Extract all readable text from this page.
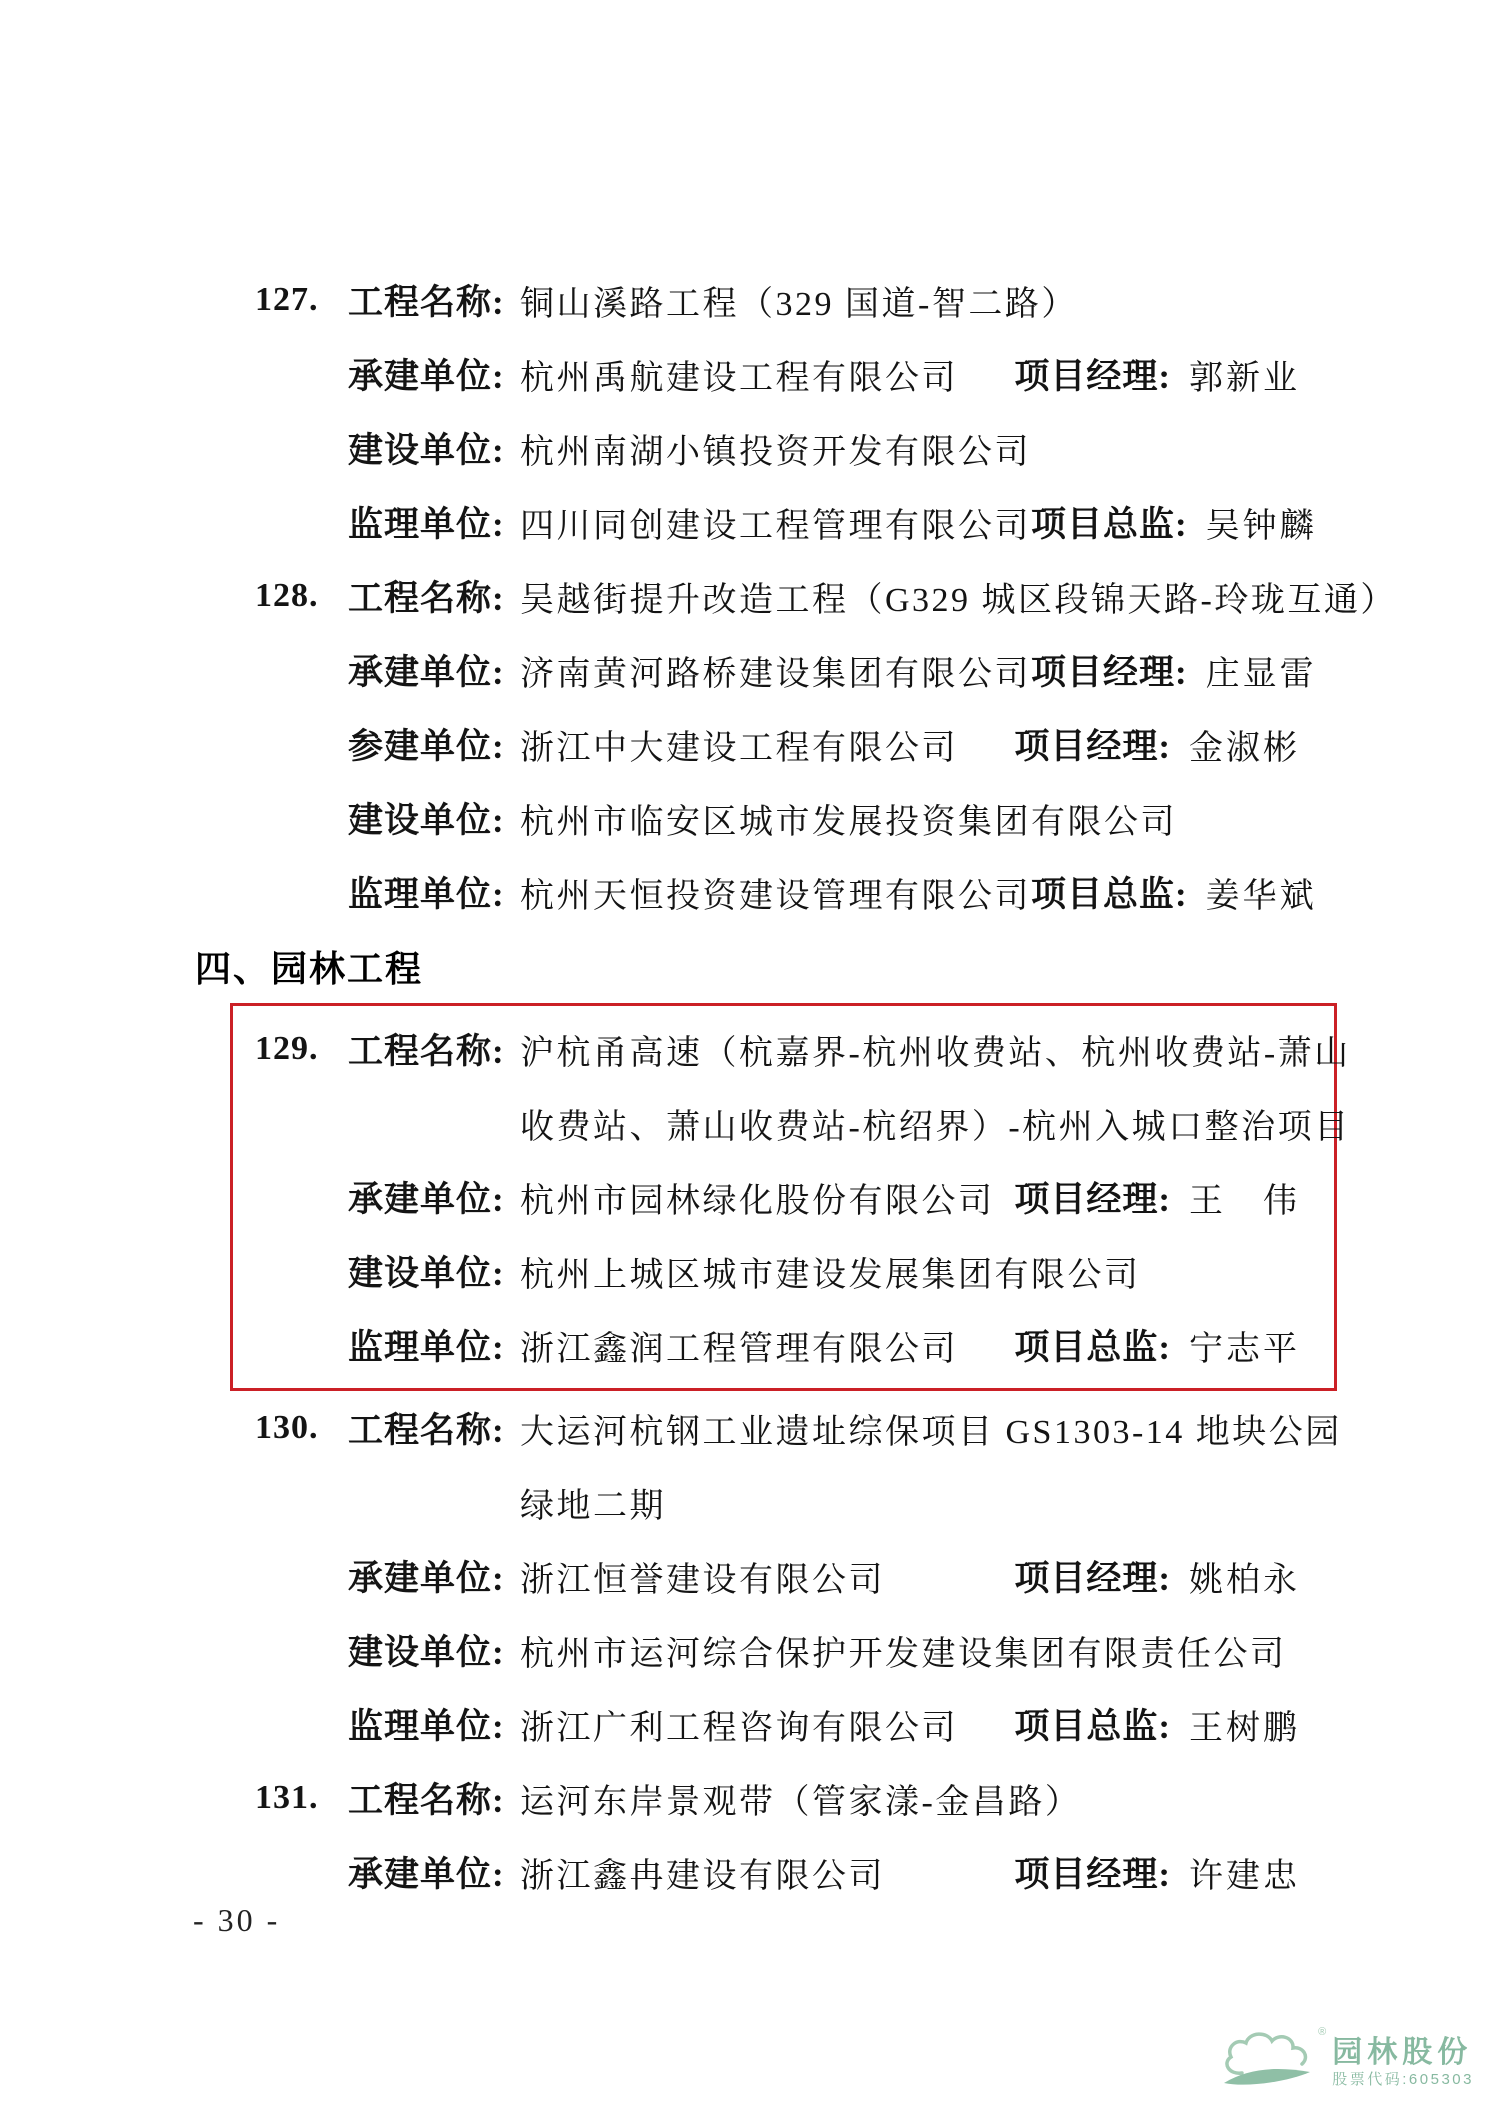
127. 工程名称: 铜山溪路工程（329 国道-智二路）
承建单位: 杭州禹航建设工程有限公司 项目经理: 郭新业
建设单位: 杭州南湖小镇投资开发有限公司
监理单位: 四川同创建设工程管理有限公司 项目总监: 吴钟麟
128. 工程名称: 吴越街提升改造工程（G329 城区段锦天路-玲珑互通）
承建单位: 济南黄河路桥建设集团有限公司 项目经理: 庄显雷
参建单位: 浙江中大建设工程有限公司 项目经理: 金淑彬
建设单位: 杭州市临安区城市发展投资集团有限公司
监理单位: 杭州天恒投资建设管理有限公司 项目总监: 姜华斌
四、园林工程
129. 工程名称: 沪杭甬高速（杭嘉界-杭州收费站、杭州收费站-萧山
收费站、萧山收费站-杭绍界）-杭州入城口整治项目
承建单位: 杭州市园林绿化股份有限公司 项目经理: 王　伟
建设单位: 杭州上城区城市建设发展集团有限公司
监理单位: 浙江鑫润工程管理有限公司 项目总监: 宁志平
130. 工程名称: 大运河杭钢工业遗址综保项目 GS1303-14 地块公园
绿地二期
承建单位: 浙江恒誉建设有限公司	项目经理: 姚柏永
建设单位: 杭州市运河综合保护开发建设集团有限责任公司
监理单位: 浙江广利工程咨询有限公司 项目总监: 王树鹏
131. 工程名称: 运河东岸景观带（管家漾-金昌路）
承建单位: 浙江鑫冉建设有限公司	项目经理: 许建忠
- 30 -
®
园林股份
股票代码:605303
